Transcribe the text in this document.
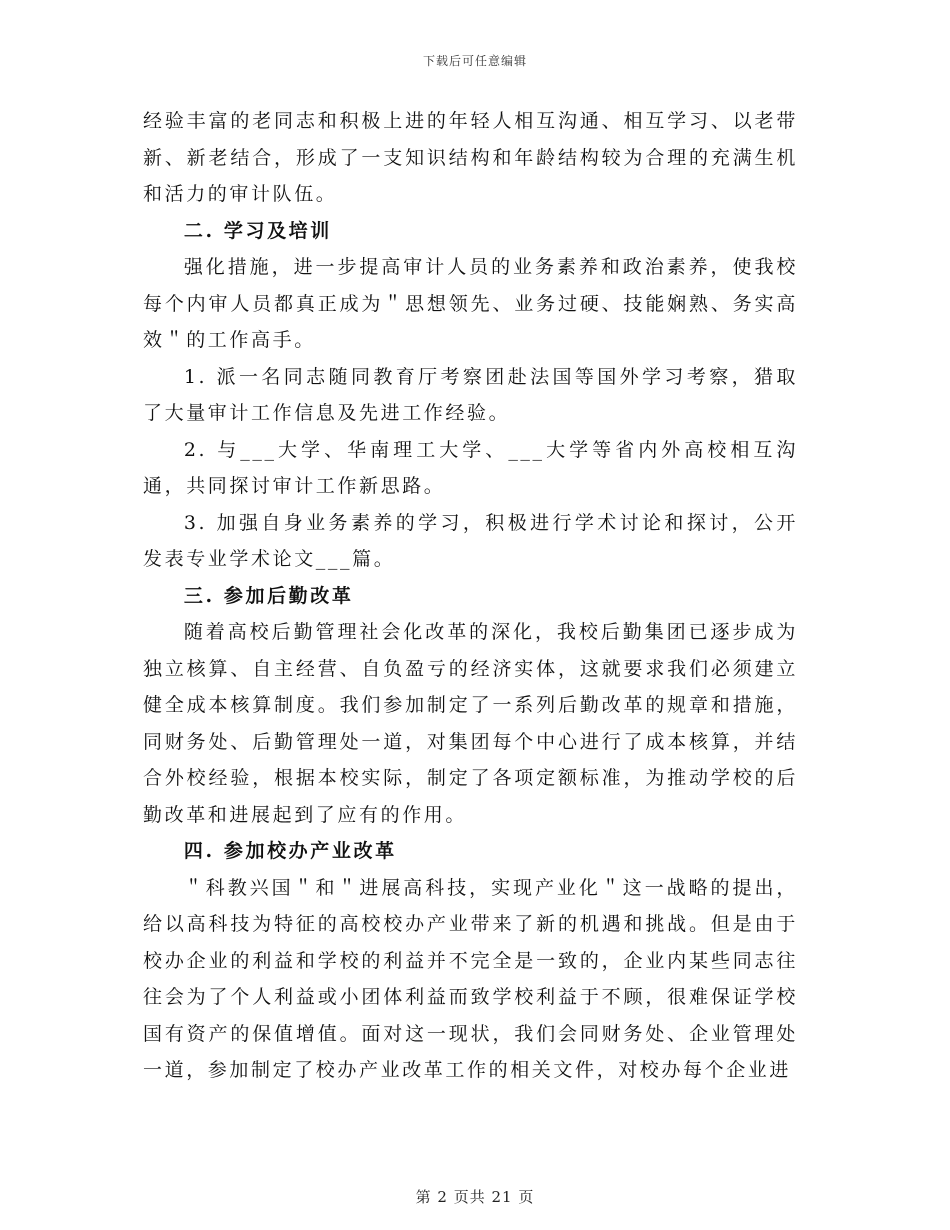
下载后可任意编辑

经验丰富的老同志和积极上进的年轻人相互沟通、相互学习、以老带新、新老结合，形成了一支知识结构和年龄结构较为合理的充满生机和活力的审计队伍。

二. 学习及培训

强化措施，进一步提高审计人员的业务素养和政治素养，使我校每个内审人员都真正成为＂思想领先、业务过硬、技能娴熟、务实高效＂的工作高手。

1. 派一名同志随同教育厅考察团赴法国等国外学习考察，猎取了大量审计工作信息及先进工作经验。

2. 与___大学、华南理工大学、___大学等省内外高校相互沟通，共同探讨审计工作新思路。

3. 加强自身业务素养的学习，积极进行学术讨论和探讨，公开发表专业学术论文___篇。

三. 参加后勤改革

随着高校后勤管理社会化改革的深化，我校后勤集团已逐步成为独立核算、自主经营、自负盈亏的经济实体，这就要求我们必须建立健全成本核算制度。我们参加制定了一系列后勤改革的规章和措施，同财务处、后勤管理处一道，对集团每个中心进行了成本核算，并结合外校经验，根据本校实际，制定了各项定额标准，为推动学校的后勤改革和进展起到了应有的作用。

四. 参加校办产业改革

＂科教兴国＂和＂进展高科技，实现产业化＂这一战略的提出，给以高科技为特征的高校校办产业带来了新的机遇和挑战。但是由于校办企业的利益和学校的利益并不完全是一致的，企业内某些同志往往会为了个人利益或小团体利益而致学校利益于不顾，很难保证学校国有资产的保值增值。面对这一现状，我们会同财务处、企业管理处一道，参加制定了校办产业改革工作的相关文件，对校办每个企业进

第 2 页共 21 页
